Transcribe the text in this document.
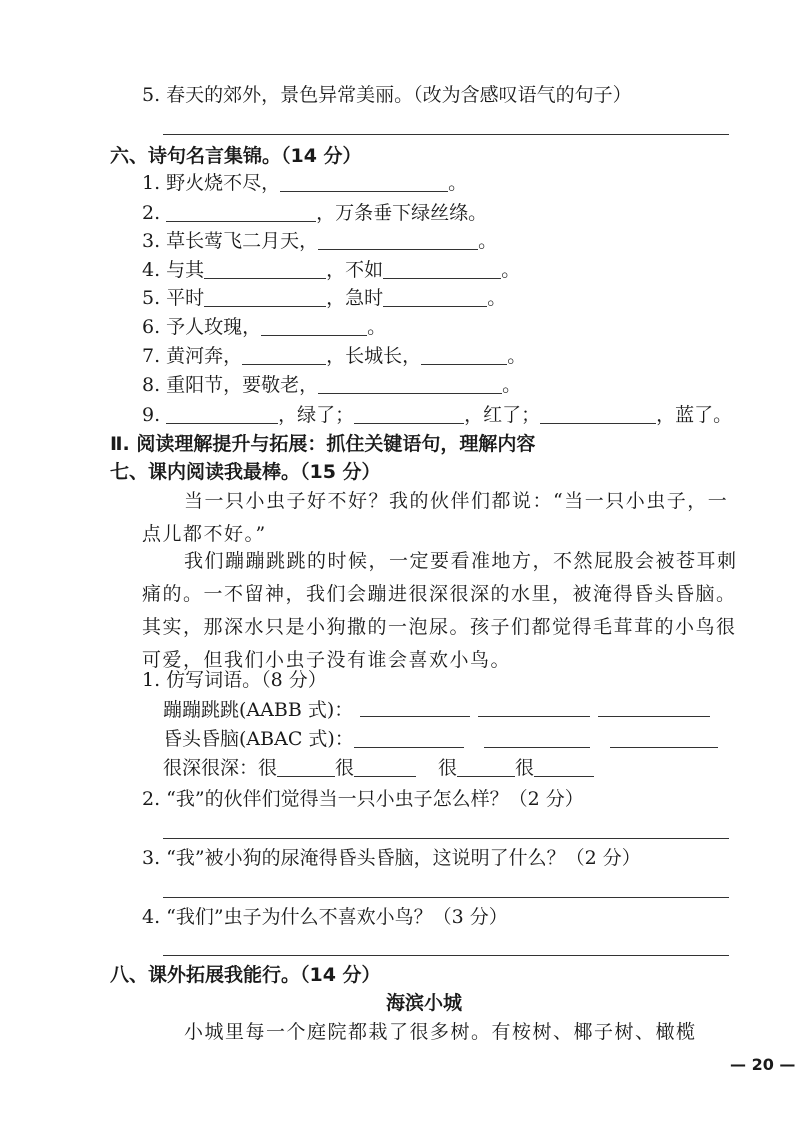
5. 春天的郊外，景色异常美丽。（改为含感叹语气的句子）
六、诗句名言集锦。（14 分）
1. 野火烧不尽，	。
2.	，万条垂下绿丝绦。
3. 草长莺飞二月天，	。
4. 与其	，不如	。
5. 平时	，急时	。
6. 予人玫瑰，	。
7. 黄河奔，	，长城长，	。
8. 重阳节，要敬老，	。
9.	，绿了；	，红了；	，蓝了。
Ⅱ. 阅读理解提升与拓展：抓住关键语句，理解内容
七、课内阅读我最棒。（15 分）
当一只小虫子好不好？我的伙伴们都说：“当一只小虫子，一点儿都不好。”
我们蹦蹦跳跳的时候，一定要看准地方，不然屁股会被苍耳刺痛的。一不留神，我们会蹦进很深很深的水里，被淹得昏头昏脑。其实，那深水只是小狗撒的一泡尿。孩子们都觉得毛茸茸的小鸟很可爱，但我们小虫子没有谁会喜欢小鸟。
1. 仿写词语。（8 分）
蹦蹦跳跳(AABB 式)：
昏头昏脑(ABAC 式)：
很深很深：很	很	很	很
2. “我”的伙伴们觉得当一只小虫子怎么样？（2 分）
3. “我”被小狗的尿淹得昏头昏脑，这说明了什么？（2 分）
4. “我们”虫子为什么不喜欢小鸟？（3 分）
八、课外拓展我能行。（14 分）
海滨小城
小城里每一个庭院都栽了很多树。有桉树、椰子树、橄榄
— 20 —
